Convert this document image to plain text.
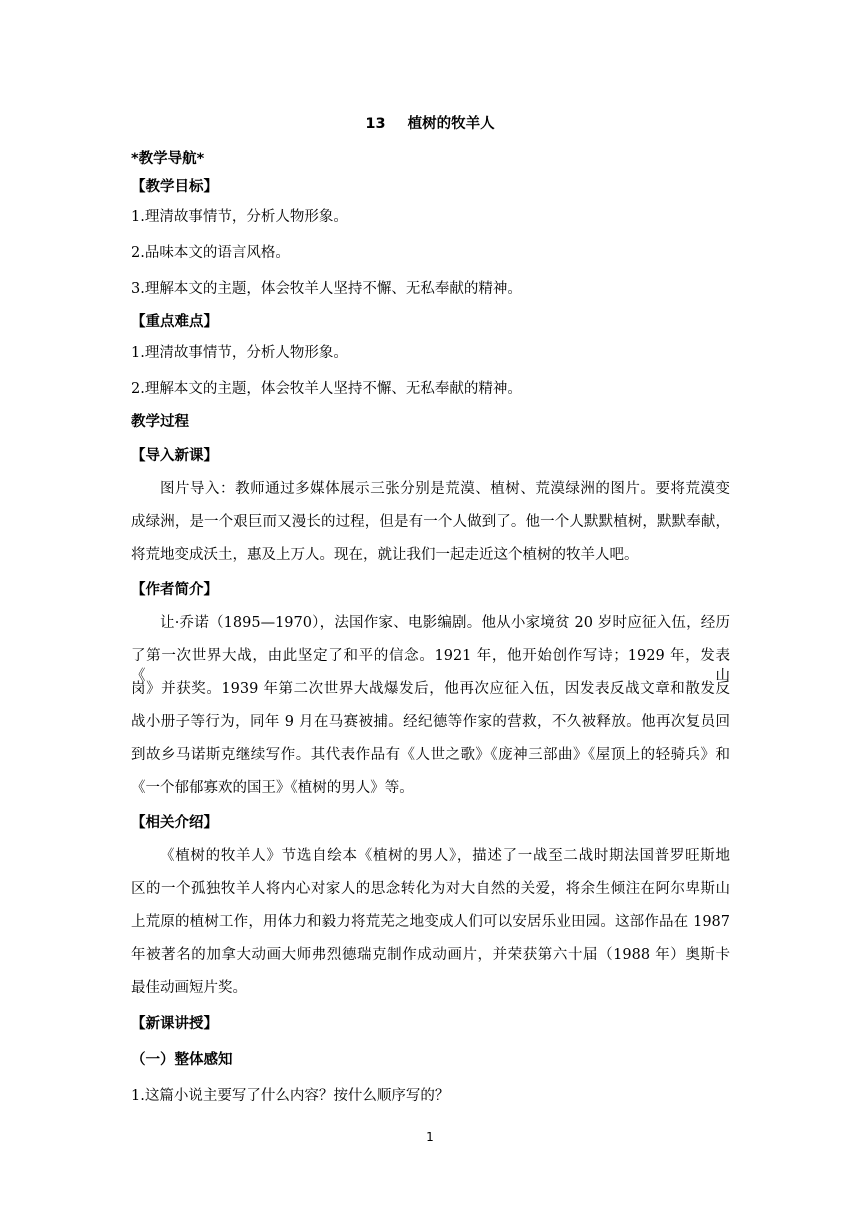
13 植树的牧羊人
*教学导航*
【教学目标】
1.理清故事情节，分析人物形象。
2.品味本文的语言风格。
3.理解本文的主题，体会牧羊人坚持不懈、无私奉献的精神。
【重点难点】
1.理清故事情节，分析人物形象。
2.理解本文的主题，体会牧羊人坚持不懈、无私奉献的精神。
教学过程
【导入新课】
图片导入：教师通过多媒体展示三张分别是荒漠、植树、荒漠绿洲的图片。要将荒漠变
成绿洲，是一个艰巨而又漫长的过程，但是有一个人做到了。他一个人默默植树，默默奉献，
将荒地变成沃土，惠及上万人。现在，就让我们一起走近这个植树的牧羊人吧。
【作者简介】
让·乔诺（1895—1970），法国作家、电影编剧。他从小家境贫 20 岁时应征入伍，经历
了第一次世界大战，由此坚定了和平的信念。1921 年，他开始创作写诗；1929 年，发表《山
岗》并获奖。1939 年第二次世界大战爆发后，他再次应征入伍，因发表反战文章和散发反
战小册子等行为，同年 9 月在马赛被捕。经纪德等作家的营救，不久被释放。他再次复员回
到故乡马诺斯克继续写作。其代表作品有《人世之歌》《庞神三部曲》《屋顶上的轻骑兵》和
《一个郁郁寡欢的国王》《植树的男人》等。
【相关介绍】
《植树的牧羊人》节选自绘本《植树的男人》，描述了一战至二战时期法国普罗旺斯地
区的一个孤独牧羊人将内心对家人的思念转化为对大自然的关爱，将余生倾注在阿尔卑斯山
上荒原的植树工作，用体力和毅力将荒芜之地变成人们可以安居乐业田园。这部作品在 1987
年被著名的加拿大动画大师弗烈德瑞克制作成动画片，并荣获第六十届（1988 年）奥斯卡
最佳动画短片奖。
【新课讲授】
（一）整体感知
1.这篇小说主要写了什么内容？按什么顺序写的？
1
